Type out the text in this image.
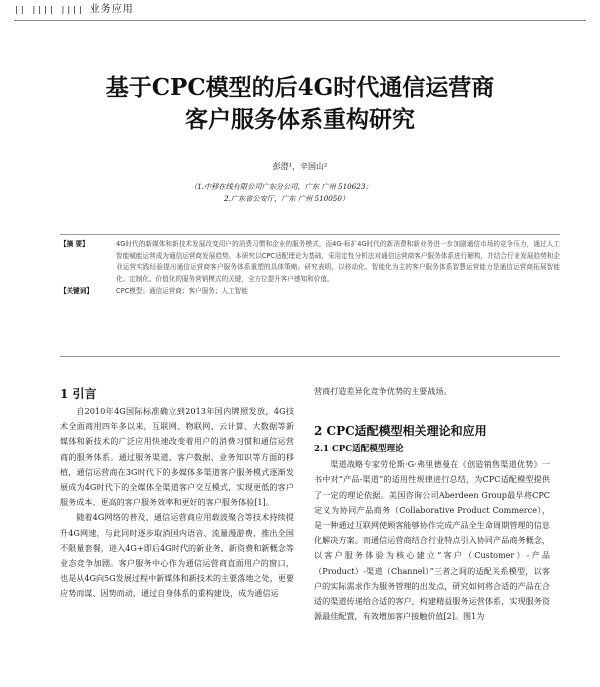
|| |||| |||| 业务应用
基于CPC模型的后4G时代通信运营商
客户服务体系重构研究
彭澄¹，辛国山²
（1.中移在线有限公司广东分公司，广东 广州 510623；
2.广东省公安厅，广东 广州 510050）
【摘 要】	4G时代的新媒体和新技术发展改变用户的消费习惯和企业的服务模式，而4G-标扩4G时代的新消费和新业务进一步加剧通信市场的竞争压力，通过人工智能赋能运营成为通信运营商发展趋势。本研究以CPC适配理论为基础，采用定性分析法对通信运营商客户服务体系进行解构，并结合行业发展趋势和企业运营实践经验提出通信运营商客户服务体系重塑的具体策略。研究表明，以移动化、智能化为主的客户服务体系智慧运营能力是通信运营商拓展智能化、定制化、价值化的服务营销模式的关键，全方位提升客户感知和价值。
【关键词】	CPC模型；通信运营商；客户服务；人工智能
1 引言

自2010年4G国际标准确立到2013年国内牌照发放，4G技术全面商用四年多以来，互联网、物联网、云计算、大数据等新媒体和新技术的广泛应用快速改变着用户的消费习惯和通信运营商的服务体系。通过服务渠道、客户数据、业务知识等方面的移植，通信运营商在3G时代下的多媒体多渠道客户服务模式逐渐发展成为4G时代下的全媒体全渠道客户交互模式，实现更低的客户服务成本、更高的客户服务效率和更好的客户服务体验[1]。

随着4G网络的普及，通信运营商应用载波聚合等技术持续提升4G网速，与此同时逐步取消国内语音、流量漫游费，推出全国不限量套餐，进入4G+即后4G时代的新业务、新资费和新概念等业态竞争加剧。客户服务中心作为通信运营商直面用户的窗口，也是从4G向5G发展过程中新媒体和新技术的主要落地之处，更要应势而谋、因势而动，通过自身体系的重构建设，成为通信运

营商打造差异化竞争优势的主要战场。

2 CPC适配模型相关理论和应用
2.1 CPC适配模型理论

渠道战略专家劳伦斯·G·弗里德曼在《创造销售渠道优势》一书中对“产品-渠道”的适用性规律进行总结，为CPC适配模型提供了一定的理论依据。美国咨询公司Aberdeen Group最早将CPC定义为协同产品商务（Collaborative Product Commerce），是一种通过互联网使顾客能够协作完成产品全生命周期管理的信息化解决方案。而通信运营商结合行业特点引入协同产品商务概念，以客户服务体验为核心建立“客户（Customer）-产品（Product）-渠道（Channel）”三者之间的适配关系模型，以客户的实际需求作为服务管理的出发点，研究如何将合适的产品在合适的渠道传递给合适的客户，构建精益服务运营体系，实现服务资源最佳配置，有效增加客户接触价值[2]。图1为
